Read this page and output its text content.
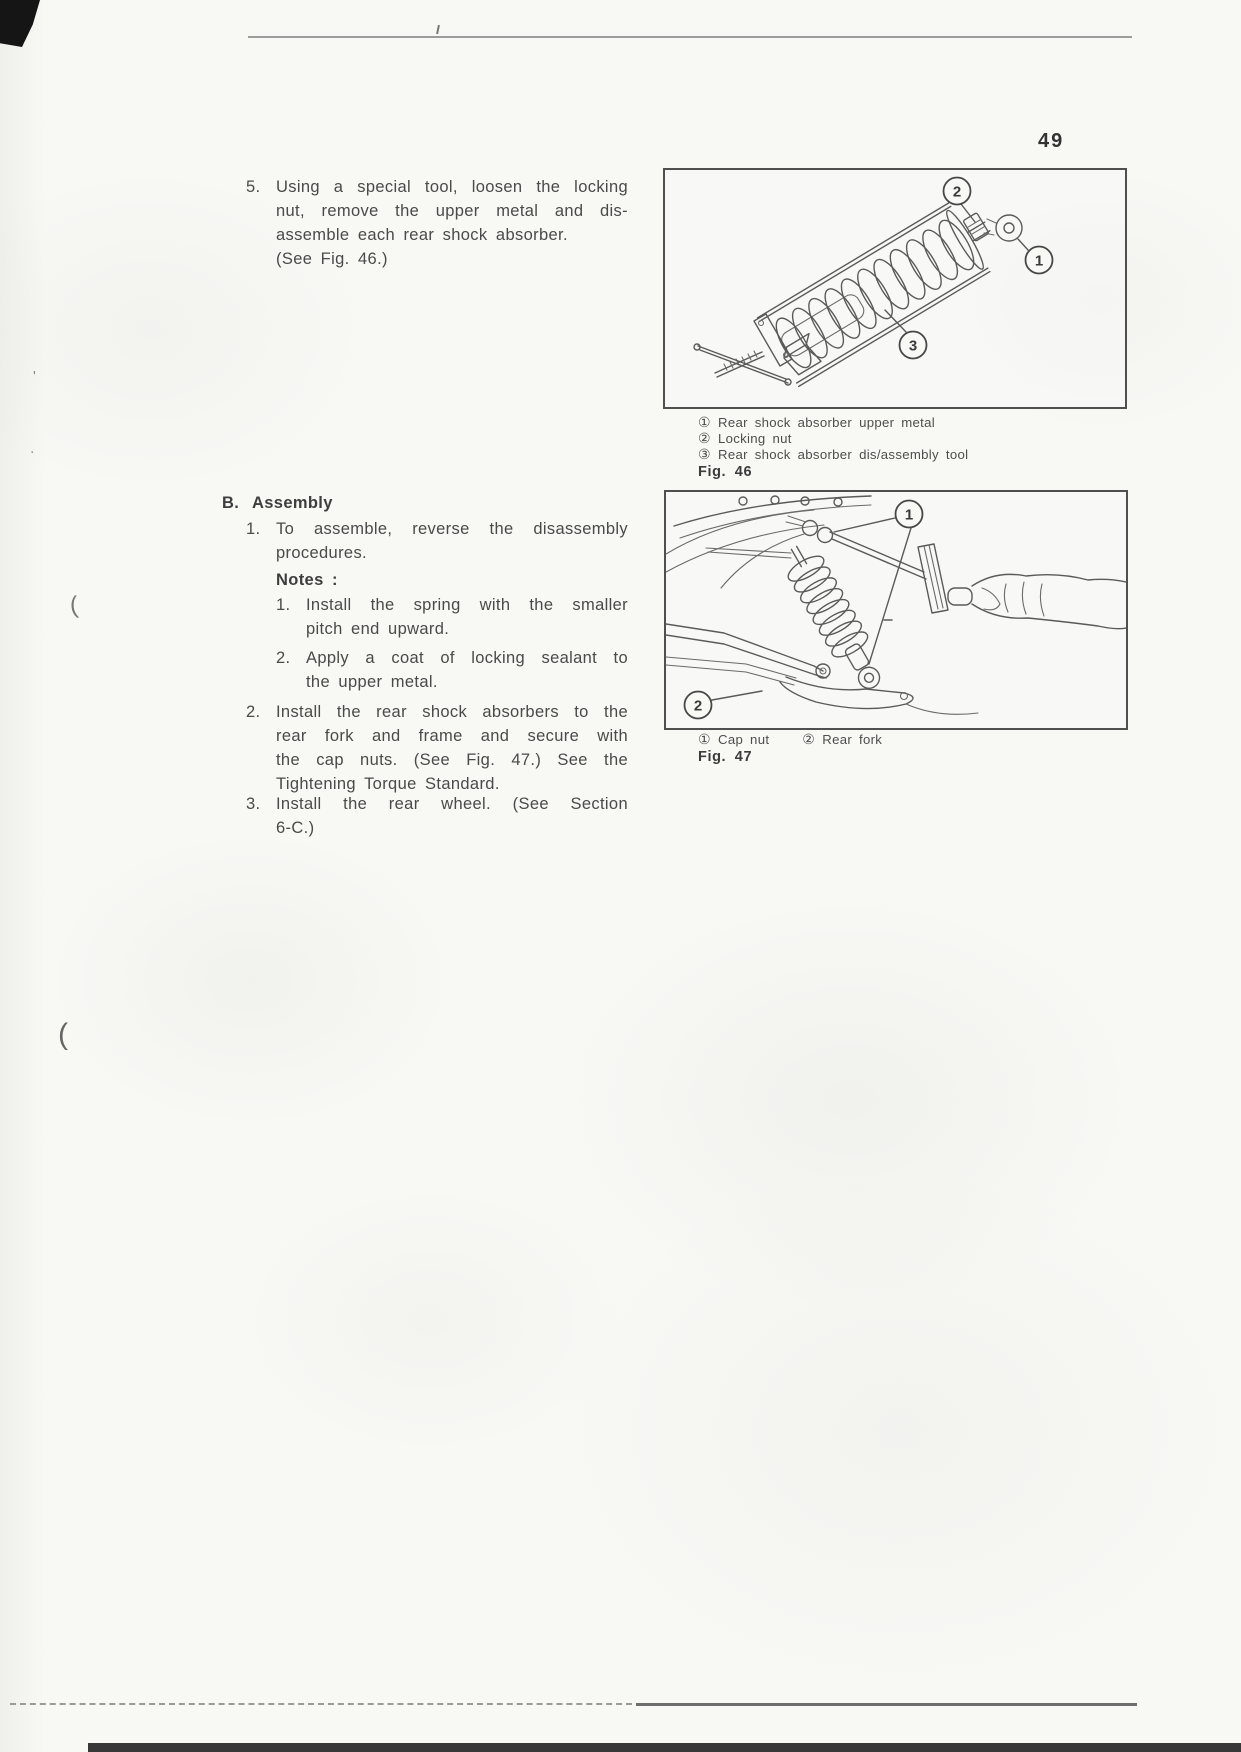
(
(
'
.
49
5. Using a special tool, loosen the locking
nut, remove the upper metal and dis-
assemble each rear shock absorber.
(See Fig. 46.)
B. Assembly
1. To assemble, reverse the disassembly
procedures.
Notes :
1. Install the spring with the smaller
pitch end upward.
2. Apply a coat of locking sealant to
the upper metal.
2. Install the rear shock absorbers to the
rear fork and frame and secure with
the cap nuts. (See Fig. 47.) See the
Tightening Torque Standard.
3. Install the rear wheel. (See Section
6-C.)
2
1
3
① Rear shock absorber upper metal
② Locking nut
③ Rear shock absorber dis/assembly tool
Fig. 46
1
2
① Cap nut ② Rear fork
Fig. 47
